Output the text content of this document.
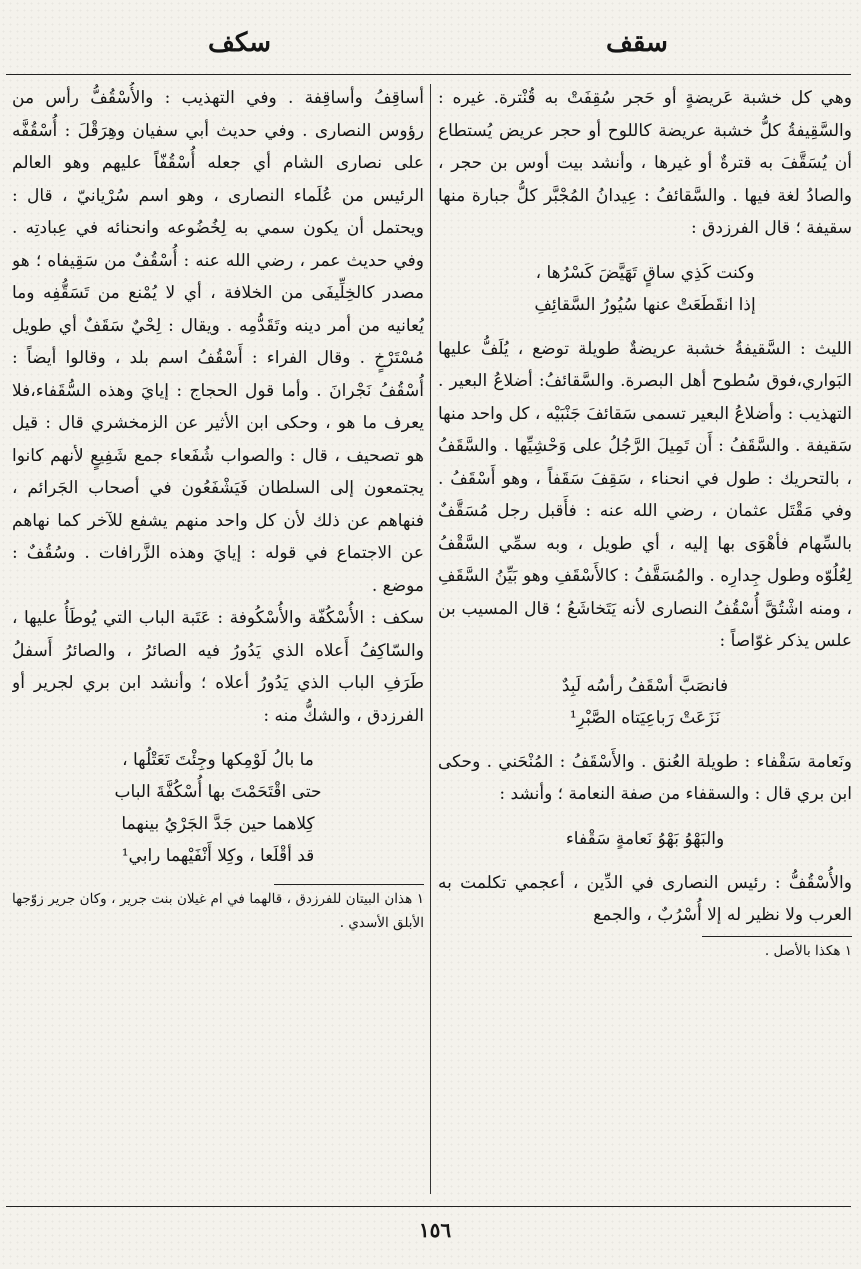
سقف
سكف

وهي كل خشبة عَريضةٍ أو حَجر سُقِفَتْ به قُنْترة. غيره : والسَّقِيفةُ كلُّ خشبة عريضة كاللوح أو حجر عريض يُستطاع أن يُسَقَّفَ به قترةٌ أو غيرها ، وأنشد بيت أوس بن حجر ، والصادُ لغة فيها . والسَّقائفُ : عِيدانُ المُجْبَّر كلُّ جبارة منها سقيفة ؛ قال الفرزدق :

وكنت كَذِي ساقٍ تَهَيَّضَ كَسْرُها ،
إذا انقَطَعَتْ عنها سُيُورُ السَّقائِفِ

الليث : السَّقيفةُ خشبة عريضةٌ طويلة توضع ، يُلَفُّ عليها البَواري،فوق سُطوح أهل البصرة. والسَّقائفُ: أضلاعُ البعير . التهذيب : وأضلاعُ البعير تسمى سَقائفَ جَنْبَيْه ، كل واحد منها سَقيفة . والسَّقَفُ : أَن تَمِيلَ الرَّجُلُ على وَحْشِيِّها . والسَّقَفُ ، بالتحريك : طول في انحناء ، سَقِفَ سَقَفاً ، وهو أَسْقَفُ . وفي مَقْتَل عثمان ، رضي الله عنه : فأَقبل رجل مُسَقَّفٌ بالسِّهام فأهْوَى بها إليه ، أي طويل ، وبه سمِّي السَّقْفُ لِعُلُوّه وطول جِدارِه . والمُسَقَّفُ : كالأَسْقَفِ وهو بَيِّنُ السَّقَفِ ، ومنه اشْتُقَّ أُسْقُفُ النصارى لأنه يَتَخاشَعُ ؛ قال المسيب بن علس يذكر غوّاصاً :

فانصَبَّ أسْقَفُ رأسُه لَبِدٌ
نَزَعَتْ رَباعِيَتاه الصَّبْرِ¹

ونَعامة سَقْفاء : طويلة العُنق . والأَسْقَفُ : المُنْحَني . وحكى ابن بري قال : والسقفاء من صفة النعامة ؛ وأنشد :

والبَهْوُ بَهْوُ نَعامةٍ سَقْفاء

والأُسْقُفُّ : رئيس النصارى في الدِّين ، أعجمي تكلمت به العرب ولا نظير له إلا أُسْرُبٌ ، والجمع

١ هكذا بالأصل .

أساقِفُ وأساقِفة . وفي التهذيب : والأُسْقُفُّ رأس من رؤوس النصارى . وفي حديث أبي سفيان وهِرَقْلَ : أُسْقُفَّه على نصارى الشام أي جعله أُسْقُفّاً عليهم وهو العالم الرئيس من عُلَماء النصارى ، وهو اسم سُرْيانيّ ، قال : ويحتمل أن يكون سمي به لِخُضُوعه وانحنائه في عِبادتِه . وفي حديث عمر ، رضي الله عنه : أُسْقُفٌ من سَقِيفاه ؛ هو مصدر كالخِلِّيفَى من الخلافة ، أي لا يُمْنع من تَسَقُّفِه وما يُعانيه من أمر دينه وتَقَدُّمِه . ويقال : لِحْيٌ سَقَفٌ أي طويل مُسْتَرْخٍ . وقال الفراء : أَسْقُفُ اسم بلد ، وقالوا أيضاً : أُسْقُفُ نَجْرانَ . وأما قول الحجاج : إيايَ وهذه السُّقَفاء،فلا يعرف ما هو ، وحكى ابن الأثير عن الزمخشري قال : قيل هو تصحيف ، قال : والصواب شُفَعاء جمع شَفِيعٍ لأنهم كانوا يجتمعون إلى السلطان فَيَشْفَعُون في أصحاب الجَرائم ، فنهاهم عن ذلك لأن كل واحد منهم يشفع للآخر كما نهاهم عن الاجتماع في قوله : إيايَ وهذه الزَّرافات . وسُقُفٌ : موضع .

سكف : الأُسْكُفّة والأُسْكُوفة : عَتَبة الباب التي يُوطَأُ عليها ، والسّاكِفُ أَعلاه الذي يَدُورُ فيه الصائرُ ، والصائرُ أَسفلُ طَرَفِ الباب الذي يَدُورُ أعلاه ؛ وأنشد ابن بري لجرير أو الفرزدق ، والشكُّ منه :

ما بالُ لَوْمِكها وجِئْتَ تَعَتْلُها ،
حتى اقْتَحَمْتَ بها أُسْكُفَّةَ الباب
كِلاهما حين جَدَّ الجَرْيُ بينهما
قد أقْلَعا ، وكِلا أَنْفَيْهما رابي¹

١ هذان البيتان للفرزدق ، قالهما في ام غيلان بنت جرير ، وكان جرير زوّجها الأبلق الأسدي .

١٥٦
